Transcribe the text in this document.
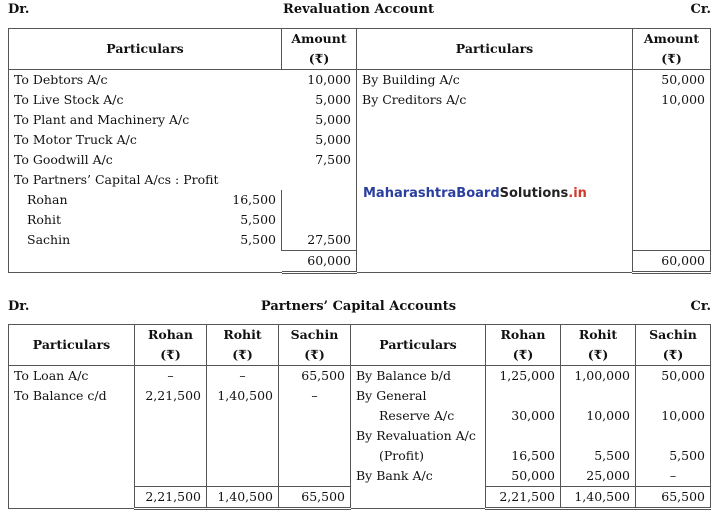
Dr.	Revaluation Account	Cr.
Particulars		Amount	Particulars	Amount
		(₹)		(₹)
To Debtors A/c		10,000	By Building A/c	50,000
To Live Stock A/c		5,000	By Creditors A/c	10,000
To Plant and Machinery A/c		5,000		
To Motor Truck A/c		5,000		
To Goodwill A/c		7,500		
To Partners’ Capital A/cs : Profit				
Rohan	16,500			
Rohit	5,500			
Sachin	5,500	27,500		
		60,000		60,000
MaharashtraBoardSolutions.in
Dr.	Partners’ Capital Accounts	Cr.
Particulars	Rohan	Rohit	Sachin	Particulars	Rohan	Rohit	Sachin
	(₹)	(₹)	(₹)		(₹)	(₹)	(₹)
To Loan A/c	–	–	65,500	By Balance b/d	1,25,000	1,00,000	50,000
To Balance c/d	2,21,500	1,40,500	–	By General			
				Reserve A/c	30,000	10,000	10,000
				By Revaluation A/c			
				(Profit)	16,500	5,500	5,500
				By Bank A/c	50,000	25,000	–
	2,21,500	1,40,500	65,500		2,21,500	1,40,500	65,500
